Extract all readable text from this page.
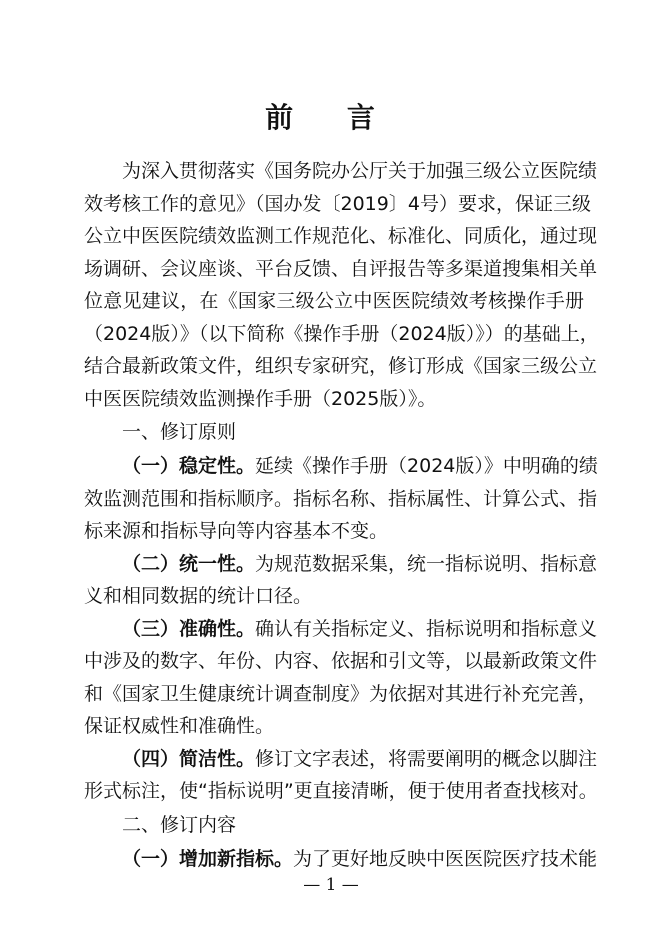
前 言
为深入贯彻落实《国务院办公厅关于加强三级公立医院绩
效考核工作的意见》（国办发〔2019〕4号）要求，保证三级
公立中医医院绩效监测工作规范化、标准化、同质化，通过现
场调研、会议座谈、平台反馈、自评报告等多渠道搜集相关单
位意见建议，在《国家三级公立中医医院绩效考核操作手册
（2024版）》（以下简称《操作手册（2024版）》）的基础上，
结合最新政策文件，组织专家研究，修订形成《国家三级公立
中医医院绩效监测操作手册（2025版）》。
一、修订原则
（一）稳定性。延续《操作手册（2024版）》中明确的绩
效监测范围和指标顺序。指标名称、指标属性、计算公式、指
标来源和指标导向等内容基本不变。
（二）统一性。为规范数据采集，统一指标说明、指标意
义和相同数据的统计口径。
（三）准确性。确认有关指标定义、指标说明和指标意义
中涉及的数字、年份、内容、依据和引文等，以最新政策文件
和《国家卫生健康统计调查制度》为依据对其进行补充完善，
保证权威性和准确性。
（四）简洁性。修订文字表述，将需要阐明的概念以脚注
形式标注，使“指标说明”更直接清晰，便于使用者查找核对。
二、修订内容
（一）增加新指标。为了更好地反映中医医院医疗技术能
— 1 —
